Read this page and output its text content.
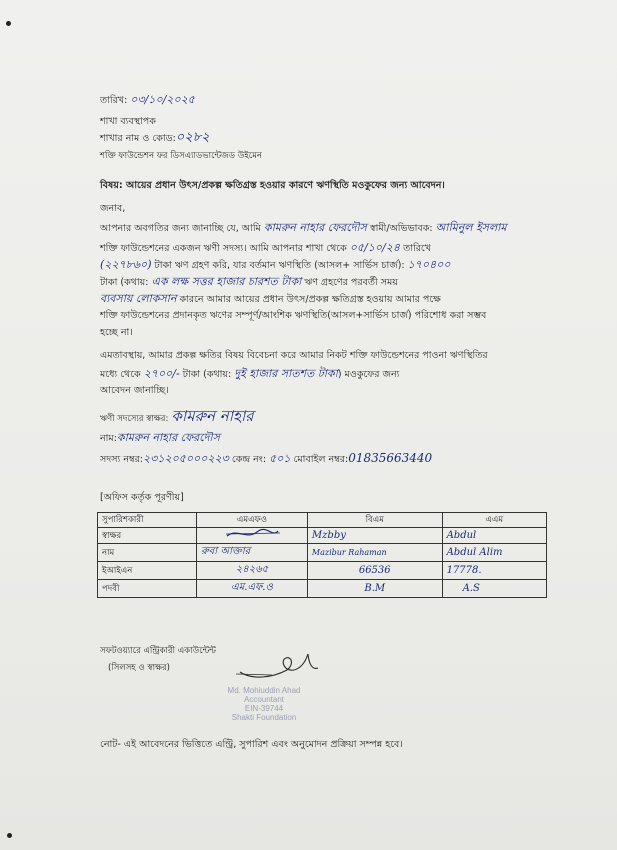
তারিখ: ০৩/১০/২০২৫
শাখা ব্যবস্থাপক
শাখার নাম ও কোড:০২৮২
শক্তি ফাউন্ডেশন ফর ডিসএ্যাডভান্টেজড উইমেন
বিষয়: আয়ের প্রধান উৎস/প্রকল্প ক্ষতিগ্রস্ত হওয়ার কারণে ঋণস্থিতি মওকুফের জন্য আবেদন।
জনাব,
আপনার অবগতির জন্য জানাচ্ছি যে, আমি কামরুন নাহার ফেরদৌস স্বামী/অভিভাবক: আমিনুল ইসলাম
শক্তি ফাউন্ডেশনের একজন ঋণী সদস্য। আমি আপনার শাখা থেকে ০৫/১০/২৪ তারিখে
(২২৭৮৬০) টাকা ঋণ গ্রহণ করি, যার বর্তমান ঋণস্থিতি (আসল+ সার্ভিস চার্জ): ১৭০৪০০
টাকা (কথায়: এক লক্ষ সত্তর হাজার চারশত টাকা ঋণ গ্রহণের পরবর্তী সময়
ব্যবসায় লোকসান কারনে আমার আয়ের প্রধান উৎস/প্রকল্প ক্ষতিগ্রস্ত হওয়ায় আমার পক্ষে
শক্তি ফাউন্ডেশনের প্রদানকৃত ঋণের সম্পূর্ণ/আংশিক ঋণস্থিতি(আসল+সার্ভিস চার্জ) পরিশোধ করা সম্ভব
হচ্ছে না।
এমতাবস্থায়, আমার প্রকল্প ক্ষতির বিষয় বিবেচনা করে আমার নিকট শক্তি ফাউন্ডেশনের পাওনা ঋণস্থিতির
মধ্যে থেকে ২৭০০/- টাকা (কথায়: দুই হাজার সাতশত টাকা) মওকুফের জন্য
আবেদন জানাচ্ছি।
ঋণী সদস্যের স্বাক্ষর: কামরুন নাহার
নাম:কামরুন নাহার ফেরদৌস
সদস্য নম্বর:২৩১২০৫০০০২২৩ কেন্দ্র নং: ৫০১ মোবাইল নম্বর:01835663440
[অফিস কর্তৃক পূরণীয়]
সুপারিশকারী	এমএফও	বিএম	এএম
স্বাক্ষর		Mzbby	Abdul
নাম	রুবা আক্তার	Mazibur Rahaman	Abdul Alim
ইআইএন	২৪২৬৫	66536	17778.
পদবী	এম.এফ.ও	B.M	A.S
সফটওয়্যারে এন্ট্রিকারী একাউন্টেন্ট
(সিলসহ ও স্বাক্ষর)
Md. Mohiuddin Ahad
Accountant
EIN-39744
Shakti Foundation
নোট- এই আবেদনের ভিত্তিতে এন্ট্রি, সুপারিশ এবং অনুমোদন প্রক্রিয়া সম্পন্ন হবে।
